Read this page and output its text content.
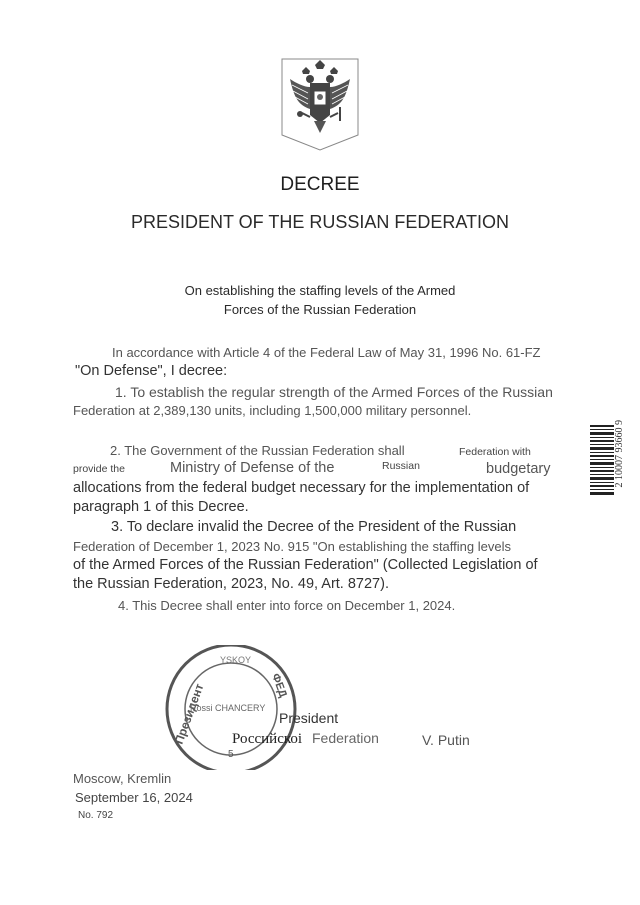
DECREE
PRESIDENT OF THE RUSSIAN FEDERATION
On establishing the staffing levels of the Armed
Forces of the Russian Federation
In accordance with Article 4 of the Federal Law of May 31, 1996 No. 61-FZ
"On Defense", I decree:
1. To establish the regular strength of the Armed Forces of the Russian
Federation at 2,389,130 units, including 1,500,000 military personnel.
2. The Government of the Russian Federation shall	Federation with
provide the	Ministry of Defense of the	Russian	budgetary
allocations from the federal budget necessary for the implementation of
paragraph 1 of this Decree.
3. To declare invalid the Decree of the President of the Russian
Federation of December 1, 2023 No. 915 "On establishing the staffing levels
of the Armed Forces of the Russian Federation" (Collected Legislation of
the Russian Federation, 2023, No. 49, Art. 8727).
4. This Decree shall enter into force on December 1, 2024.
2 10007 93660 9
YSKOY
Президент	ФЕД
Rossi CHANCERY
5
President
Российскоі Federation	V. Putin
Moscow, Kremlin
September 16, 2024
No. 792
